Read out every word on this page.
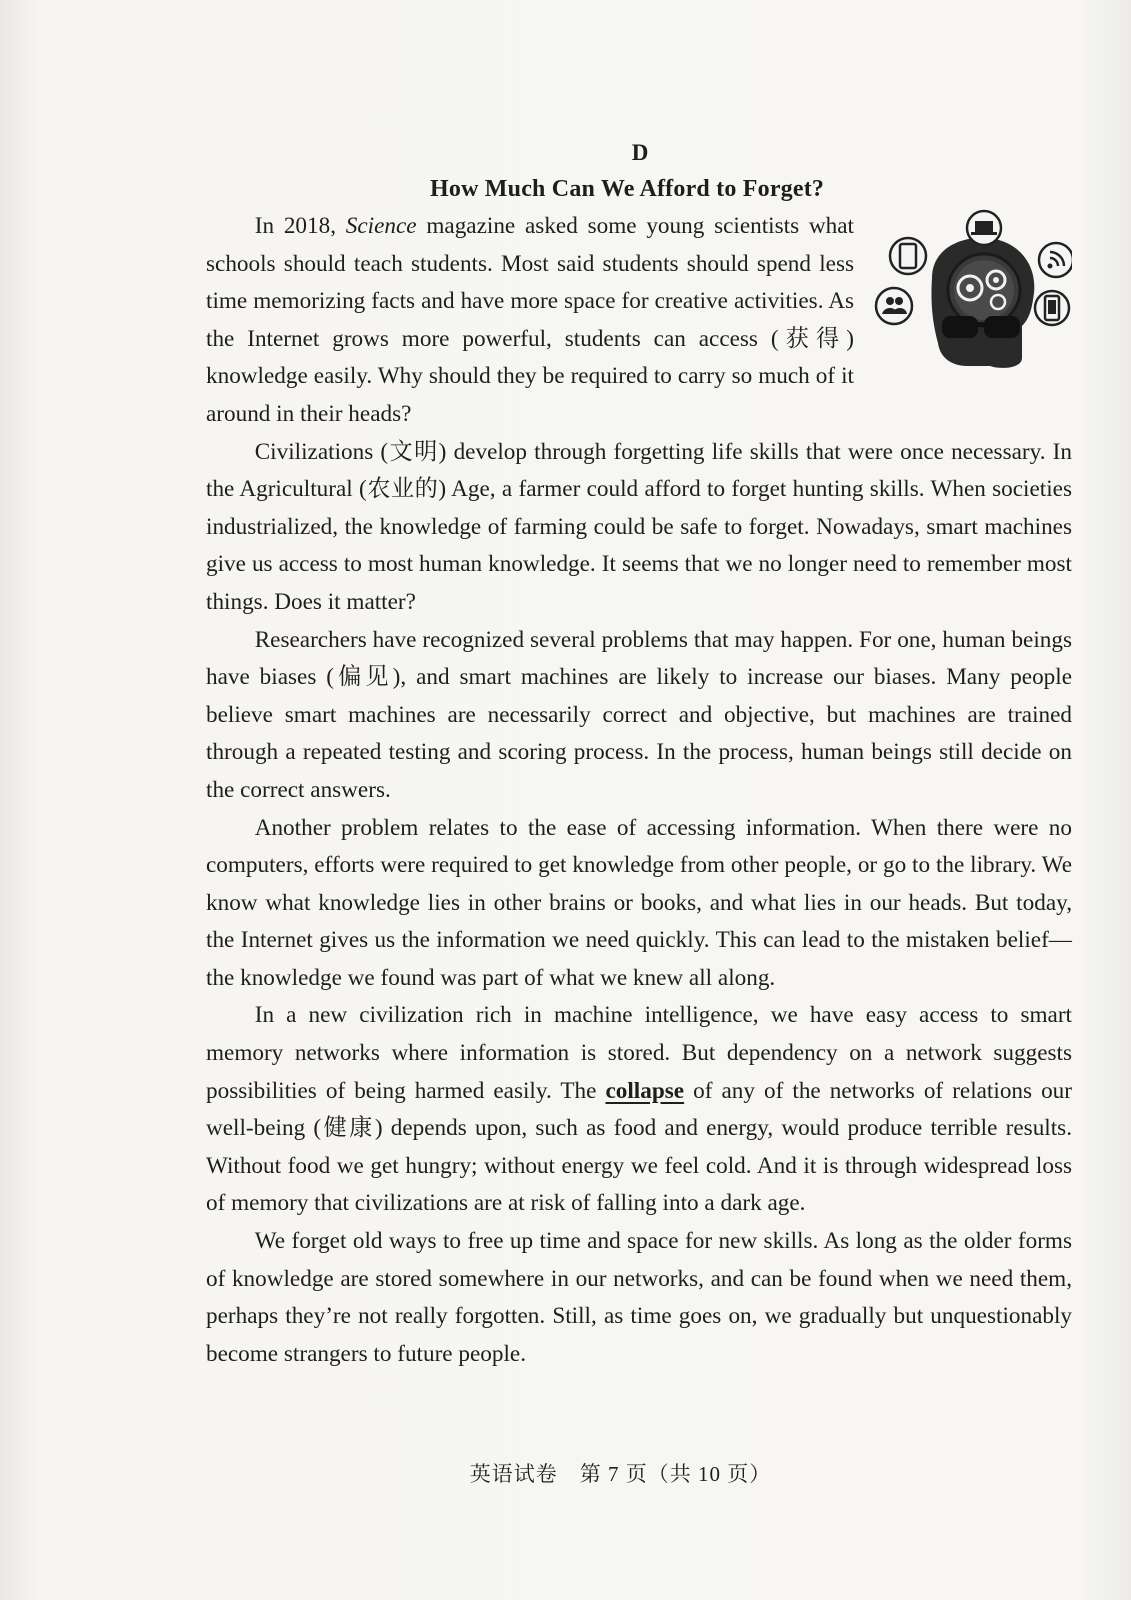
D
How Much Can We Afford to Forget?

In 2018, Science magazine asked some young scientists what schools should teach students. Most said students should spend less time memorizing facts and have more space for creative activities. As the Internet grows more powerful, students can access (获得) knowledge easily. Why should they be required to carry so much of it around in their heads?

Civilizations (文明) develop through forgetting life skills that were once necessary. In the Agricultural (农业的) Age, a farmer could afford to forget hunting skills. When societies industrialized, the knowledge of farming could be safe to forget. Nowadays, smart machines give us access to most human knowledge. It seems that we no longer need to remember most things. Does it matter?

Researchers have recognized several problems that may happen. For one, human beings have biases (偏见), and smart machines are likely to increase our biases. Many people believe smart machines are necessarily correct and objective, but machines are trained through a repeated testing and scoring process. In the process, human beings still decide on the correct answers.

Another problem relates to the ease of accessing information. When there were no computers, efforts were required to get knowledge from other people, or go to the library. We know what knowledge lies in other brains or books, and what lies in our heads. But today, the Internet gives us the information we need quickly. This can lead to the mistaken belief—the knowledge we found was part of what we knew all along.

In a new civilization rich in machine intelligence, we have easy access to smart memory networks where information is stored. But dependency on a network suggests possibilities of being harmed easily. The collapse of any of the networks of relations our well-being (健康) depends upon, such as food and energy, would produce terrible results. Without food we get hungry; without energy we feel cold. And it is through widespread loss of memory that civilizations are at risk of falling into a dark age.

We forget old ways to free up time and space for new skills. As long as the older forms of knowledge are stored somewhere in our networks, and can be found when we need them, perhaps they’re not really forgotten. Still, as time goes on, we gradually but unquestionably become strangers to future people.

英语试卷　第 7 页（共 10 页）
